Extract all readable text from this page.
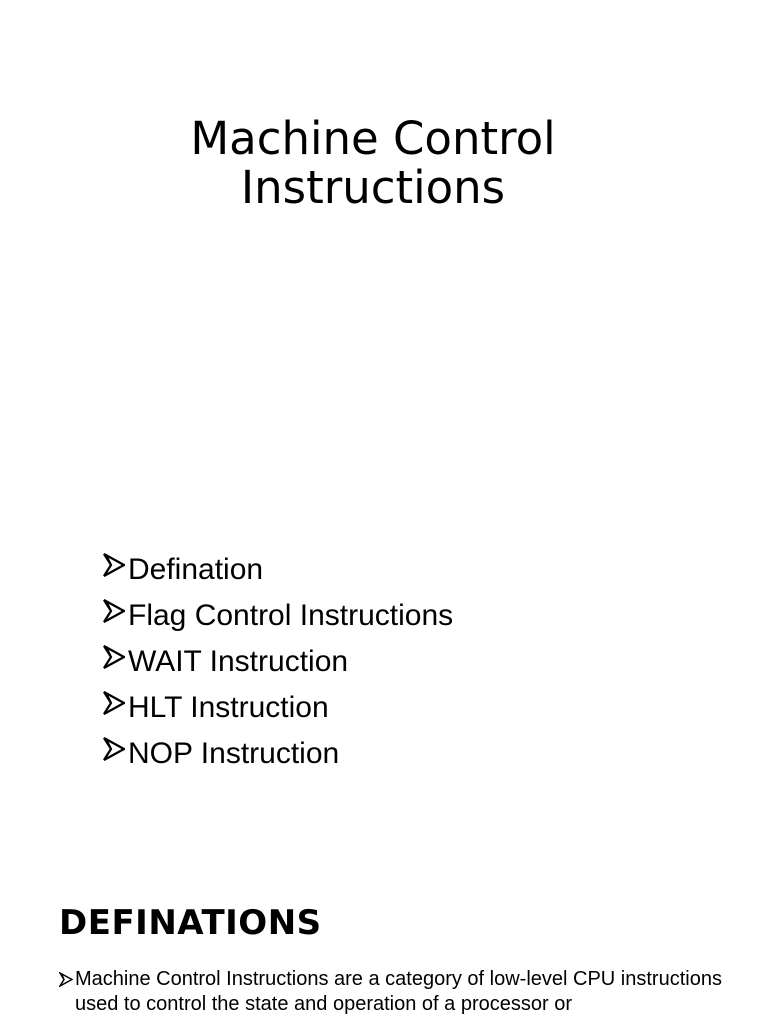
Machine Control
Instructions
Defination
Flag Control Instructions
WAIT Instruction
HLT Instruction
NOP Instruction
DEFINATIONS
Machine Control Instructions are a category of low-level CPU instructions used to control the state and operation of a processor or
